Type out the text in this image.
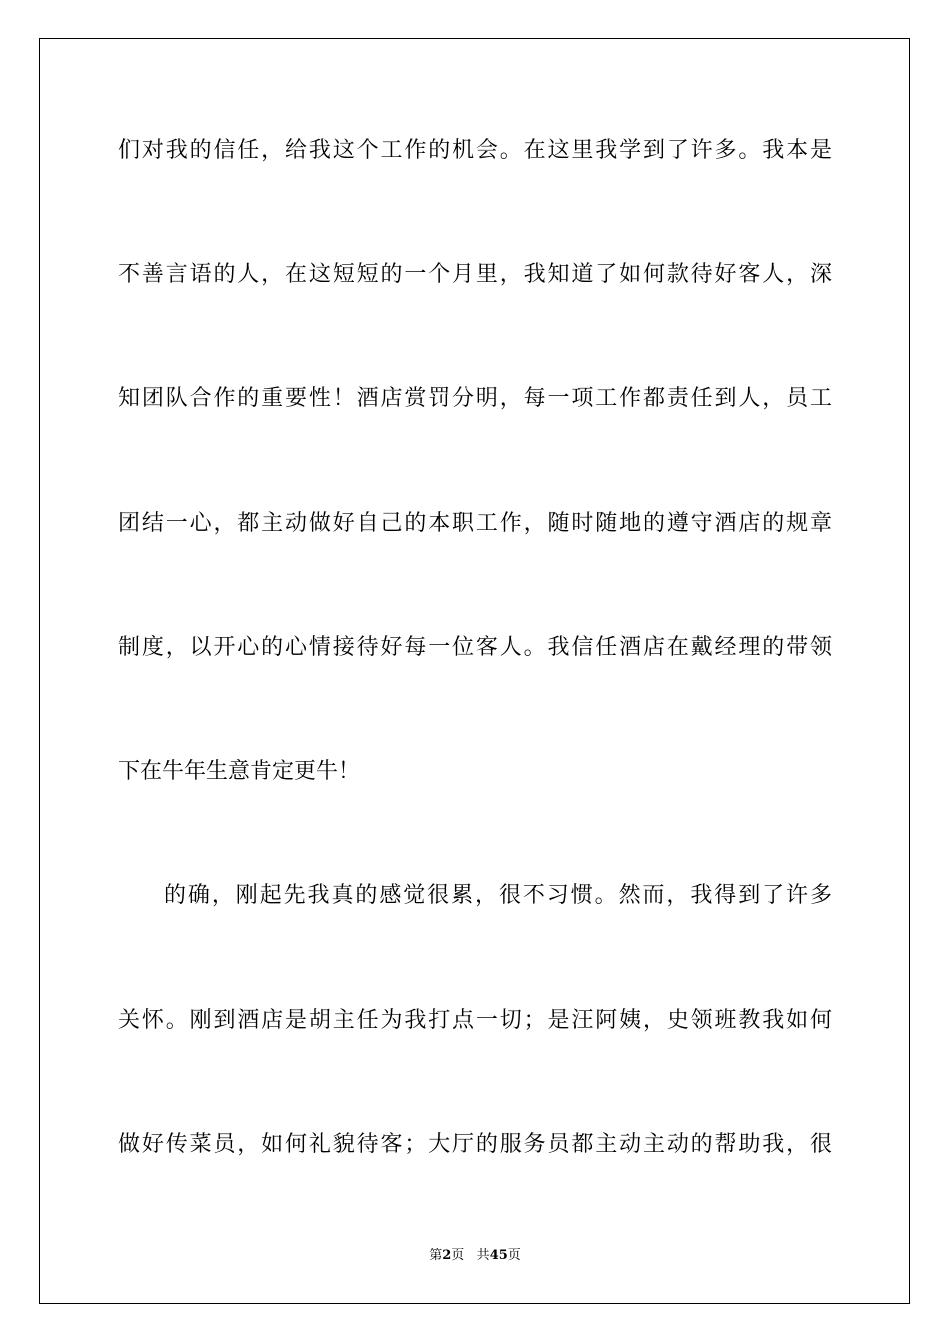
们对我的信任，给我这个工作的机会。在这里我学到了许多。我本是
不善言语的人，在这短短的一个月里，我知道了如何款待好客人，深
知团队合作的重要性！酒店赏罚分明，每一项工作都责任到人，员工
团结一心，都主动做好自己的本职工作，随时随地的遵守酒店的规章
制度，以开心的心情接待好每一位客人。我信任酒店在戴经理的带领
下在牛年生意肯定更牛！
的确，刚起先我真的感觉很累，很不习惯。然而，我得到了许多
关怀。刚到酒店是胡主任为我打点一切；是汪阿姨，史领班教我如何
做好传菜员，如何礼貌待客；大厅的服务员都主动主动的帮助我，很
第2页 共45页
